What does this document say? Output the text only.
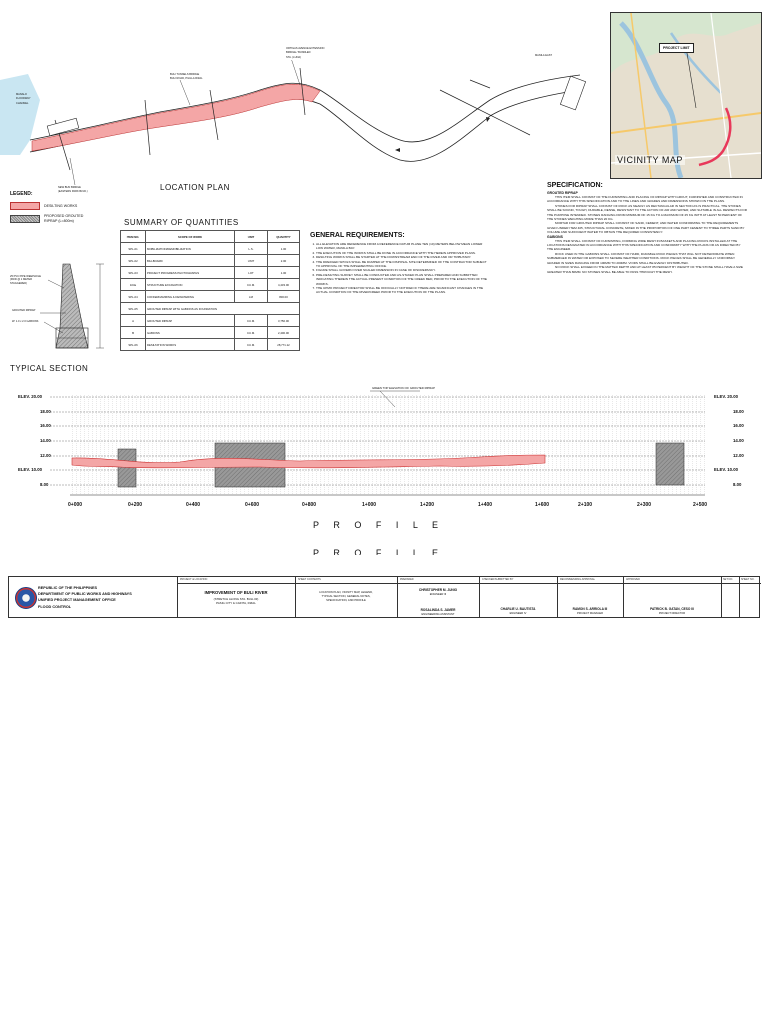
MANALO
FLOODWAY
CHANNEL
BULI TUNNELS BRIDGE
BULI ROAD, PILILLA RIZAL
ORTIGAS AVENUE EXTENSION
BRIDGE / BUNDLED
STA. (LUNA)
MANILA EAST
NEW BUN BRIDGE
(EASTERN PARK BLVD.)	LOCATION PLAN
LEGEND:
DESILTING WORKS
PROPOSED GROUTED
RIPRAP (L=800m)
PROJECT LIMIT
VICINITY MAP
SUMMARY OF QUANTITIES
ITEM NO.	SCOPE OF WORK	UNIT	QUANTITY
SPL-01	MOBILIZATION/DEMOBILIZATION	L.S.	1.00
SPL-02	BILLBOARD	UNIT	2.00
SPL-03	PROJECT PROGRESS PHOTOGRAPHS	LOT	1.00
103a	STRUCTURE EXCAVATION	CU.M.	4,433.00
SPL-04	COFFERDAMMING & DEWATERING	LM	800.00
SPL-05	GROUTED RIPRAP WITH GABIONS AS FOUNDATION		
A	GROUTED RIPRAP	CU.M.	3,750.00
B	GABIONS	CU.M.	2,400.00
SPL-06	DESILTATION WORKS	CU.M.	28,771.12
25 PVC PIPE WEEPHOLE
(PAID @ 1 METER
STAGGERED)
GROUTED RIPRAP
W: 1.0 x 2.0 GABIONS
TYPICAL SECTION
GENERAL REQUIREMENTS:
1. ALL ELEVATION ARE REFERENCE FROM A REFERENCE DATUM PLANE TEN (10) METERS BELOW MEAN LOWER LOW WATER, MANILA BAY.
2. THE EXECUTION OF THE WORKS SHALL BE DONE IN ACCORDANCE WITH THE HEREIN APPROVED PLANS.
3. DESILTING WORKS SHALL BE STARTED AT THE DOWNSTREAM END OF THE RIVER AND OR TRIBUTARY.
4. THE DREDGED SPOILS SHALL BE DUMPED AT THE DISPOSAL SITE DETERMINED OF THE CONTRACTOR SUBJECT TO APPROVAL OF THE IMPLEMENTING OFFICE.
5. FIGURE SHALL GOVERN OVER SCALED DIMENSION IN CASE OF DISCREPANCY.
6. PRE-DESILTING SURVEY SHALL BE CONDUCTED AND AS-STAKED PLAN SHALL PREPARED AND SUBMITTED INDICATING THEREIN THE ACTUAL PRESENT CONDITION OF THE CREEK BED, PRIOR TO THE EXECUTION OF THE WORKS.
7. THE UPMO PROJECT DIRECTOR SHALL BE OFFICIALLY NOTIFIED IF THERE ARE SIGNIFICANT CHANGES IN THE ACTUAL CONDITION OF THE RIVER/CREEK PRIOR TO THE EXECUTION OF THE PLANS.
SPECIFICATION:
GROUTED RIPRAP
THIS ITEM SHALL CONSIST OF THE FURNISHING AND PLACING OF RIPRAP WITH GROUT, FURNISHED AND CONSTRUCTED IN ACCORDANCE WITH THIS SPECIFICATION AND TO THE LINES AND GRADES AND DIMENSIONS SHOWN ON THE PLANS.
STONES FOR RIPRAP SHALL CONSIST OF ROCK AS NEARLY AS RECTANGULAR IN SECTION AS IS PRACTICAL. THE STONES SHALL BE SOUND, TOUGH, DURABLE, DENSE, RESISTANT TO THE ACTION OF AIR AND WATER, AND SUITABLE IN ALL RESPECTS FOR THE PURPOSE INTENDED. STONES RANGING FROM MINIMUM OF 15 KG TO A MAXIMUM OF 25 KG WITH AT LEAST 50 PERCENT OF THE STONES WEIGHING MORE THAN 20 KG.
MORTAR FOR GROUTED RIPRAP SHALL CONSIST OF SAND, CEMENT, AND WATER CONFORMING TO THE REQUIREMENTS GIVEN UNDER ITEM 405, STRUCTURAL CONCRETE, MIXED IN THE PROPORTION OF ONE PART CEMENT TO THREE PARTS SAND BY VOLUME AND SUFFICIENT WATER TO OBTAIN THE REQUIRED CONSISTENCY.
GABIONS
THIS ITEM SHALL CONSIST OF FURNISHING, FORMING WIRE MESH IN BASKETS AND PLACING ROCKS INSTALLED AT THE LOCATIONS DESIGNATED IN ACCORDANCE WITH THIS SPECIFICATION AND CONFORMITY WITH THE PLANS OR AS DIRECTED BY THE ENGINEER.
ROCK USED IN THE GABIONS SHALL CONSIST OF HARD, DURABLE ROCK PIECES THAT WILL NOT DETERIORATE WHEN SUBMERGED IN WATER OR EXPOSED TO SEVERE WEATHER CONDITIONS. ROCK PIECES SHALL BE GENERALLY UNIFORMLY GRADED IN SIZES RANGING FROM 100MM TO 200MM. VOIDS SHALL BE EVENLY DISTRIBUTED.
NO ROCK SHALL EXCEED IN THE MATTED DEPTH AND AT LEAST 85 PERCENT BY WEIGHT OF THE STONE SHALL HAVE A SIZE GREATER THAN 80MM. NO STONES SHALL BE ABLE TO PASS THROUGH THE MESH.
GREEN TOP ELEVATION OF GROUTED RIPRAP
ELEV. 20.00
18.00
16.00
14.00
12.00
ELEV. 10.00
8.00
ELEV. 20.00
18.00
16.00
14.00
12.00
ELEV. 10.00
8.00
0+000	0+200	0+400	0+600	0+800	1+000	1+200	1+400	1+600	2+100	2+300	2+500
P R O F I L E
P R O F I L E
REPUBLIC OF THE PHILIPPINES
DEPARTMENT OF PUBLIC WORKS AND HIGHWAYS
UNIFIED PROJECT MANAGEMENT OFFICE
FLOOD CONTROL
PROJECT & LOCATION
IMPROVEMENT OF BULI RIVER
(STRETCH ALONG STA. BULI-03)
PASIG CITY & CAINTA, RIZAL
SHEET CONTENTS
LOCATION PLAN, VICINITY MAP, LEGEND,
TYPICAL SECTION, GENERAL NOTES,
SPECIFICATION, AND PROFILE
PREPARED
CHRISTOPHER M. JUNIO
ENGINEER III
ROSALINDA S. JAMER
ENGINEERING ASSISTANT
CHECKED/SUBMITTED BY
CHARLIE U. BAUTISTA
ENGINEER IV
RECOMMENDING APPROVAL
RAMON S. ARRIOLA III
PROJECT MANAGER
APPROVED
PATRICK B. GATAN, CESO III
PROJECT DIRECTOR
SET NO.	SHEET NO.
